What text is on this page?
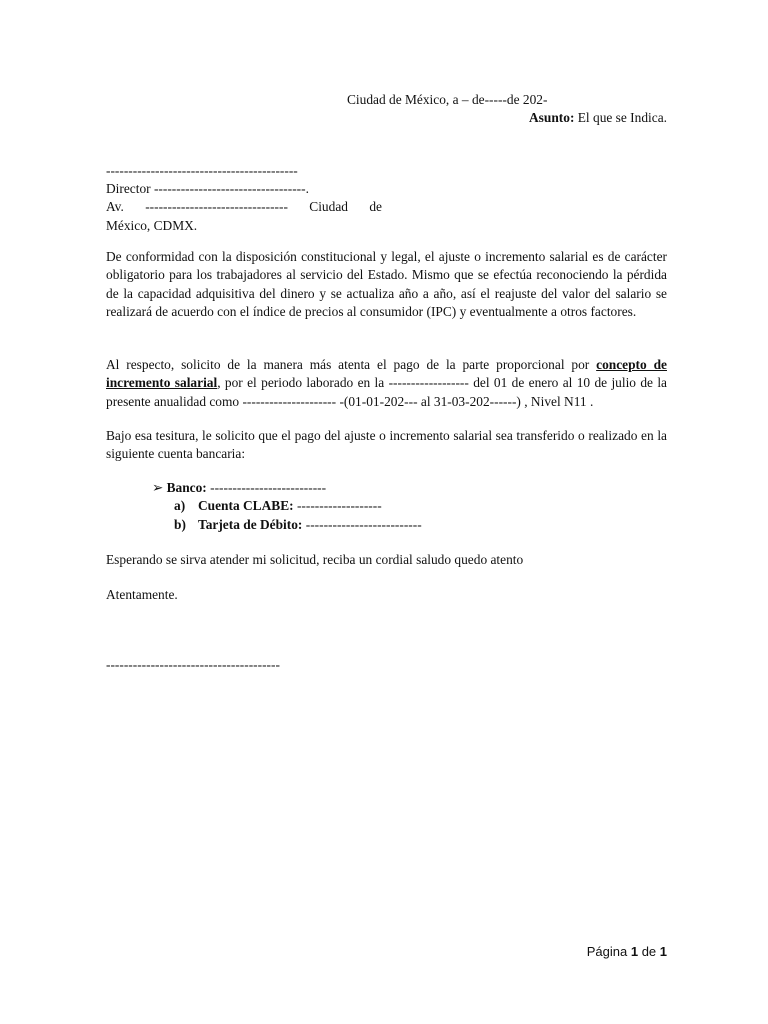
Ciudad de México, a – de-----de 202-
Asunto: El que se Indica.
-------------------------------------------
Director ----------------------------------.
Av. -------------------------------- Ciudad de
México, CDMX.
De conformidad con la disposición constitucional y legal, el ajuste o incremento salarial es de carácter obligatorio para los trabajadores al servicio del Estado. Mismo que se efectúa reconociendo la pérdida de la capacidad adquisitiva del dinero y se actualiza año a año, así el reajuste del valor del salario se realizará de acuerdo con el índice de precios al consumidor (IPC) y eventualmente a otros factores.
Al respecto, solicito de la manera más atenta el pago de la parte proporcional por concepto de incremento salarial, por el periodo laborado en la ------------------ del 01 de enero al 10 de julio de la presente anualidad como --------------------- -(01-01-202--- al 31-03-202------) , Nivel N11 .
Bajo esa tesitura, le solicito que el pago del ajuste o incremento salarial sea transferido o realizado en la siguiente cuenta bancaria:
➢ Banco: --------------------------
a) Cuenta CLABE: -------------------
b) Tarjeta de Débito: --------------------------
Esperando se sirva atender mi solicitud, reciba un cordial saludo quedo atento
Atentamente.
---------------------------------------
Página 1 de 1
